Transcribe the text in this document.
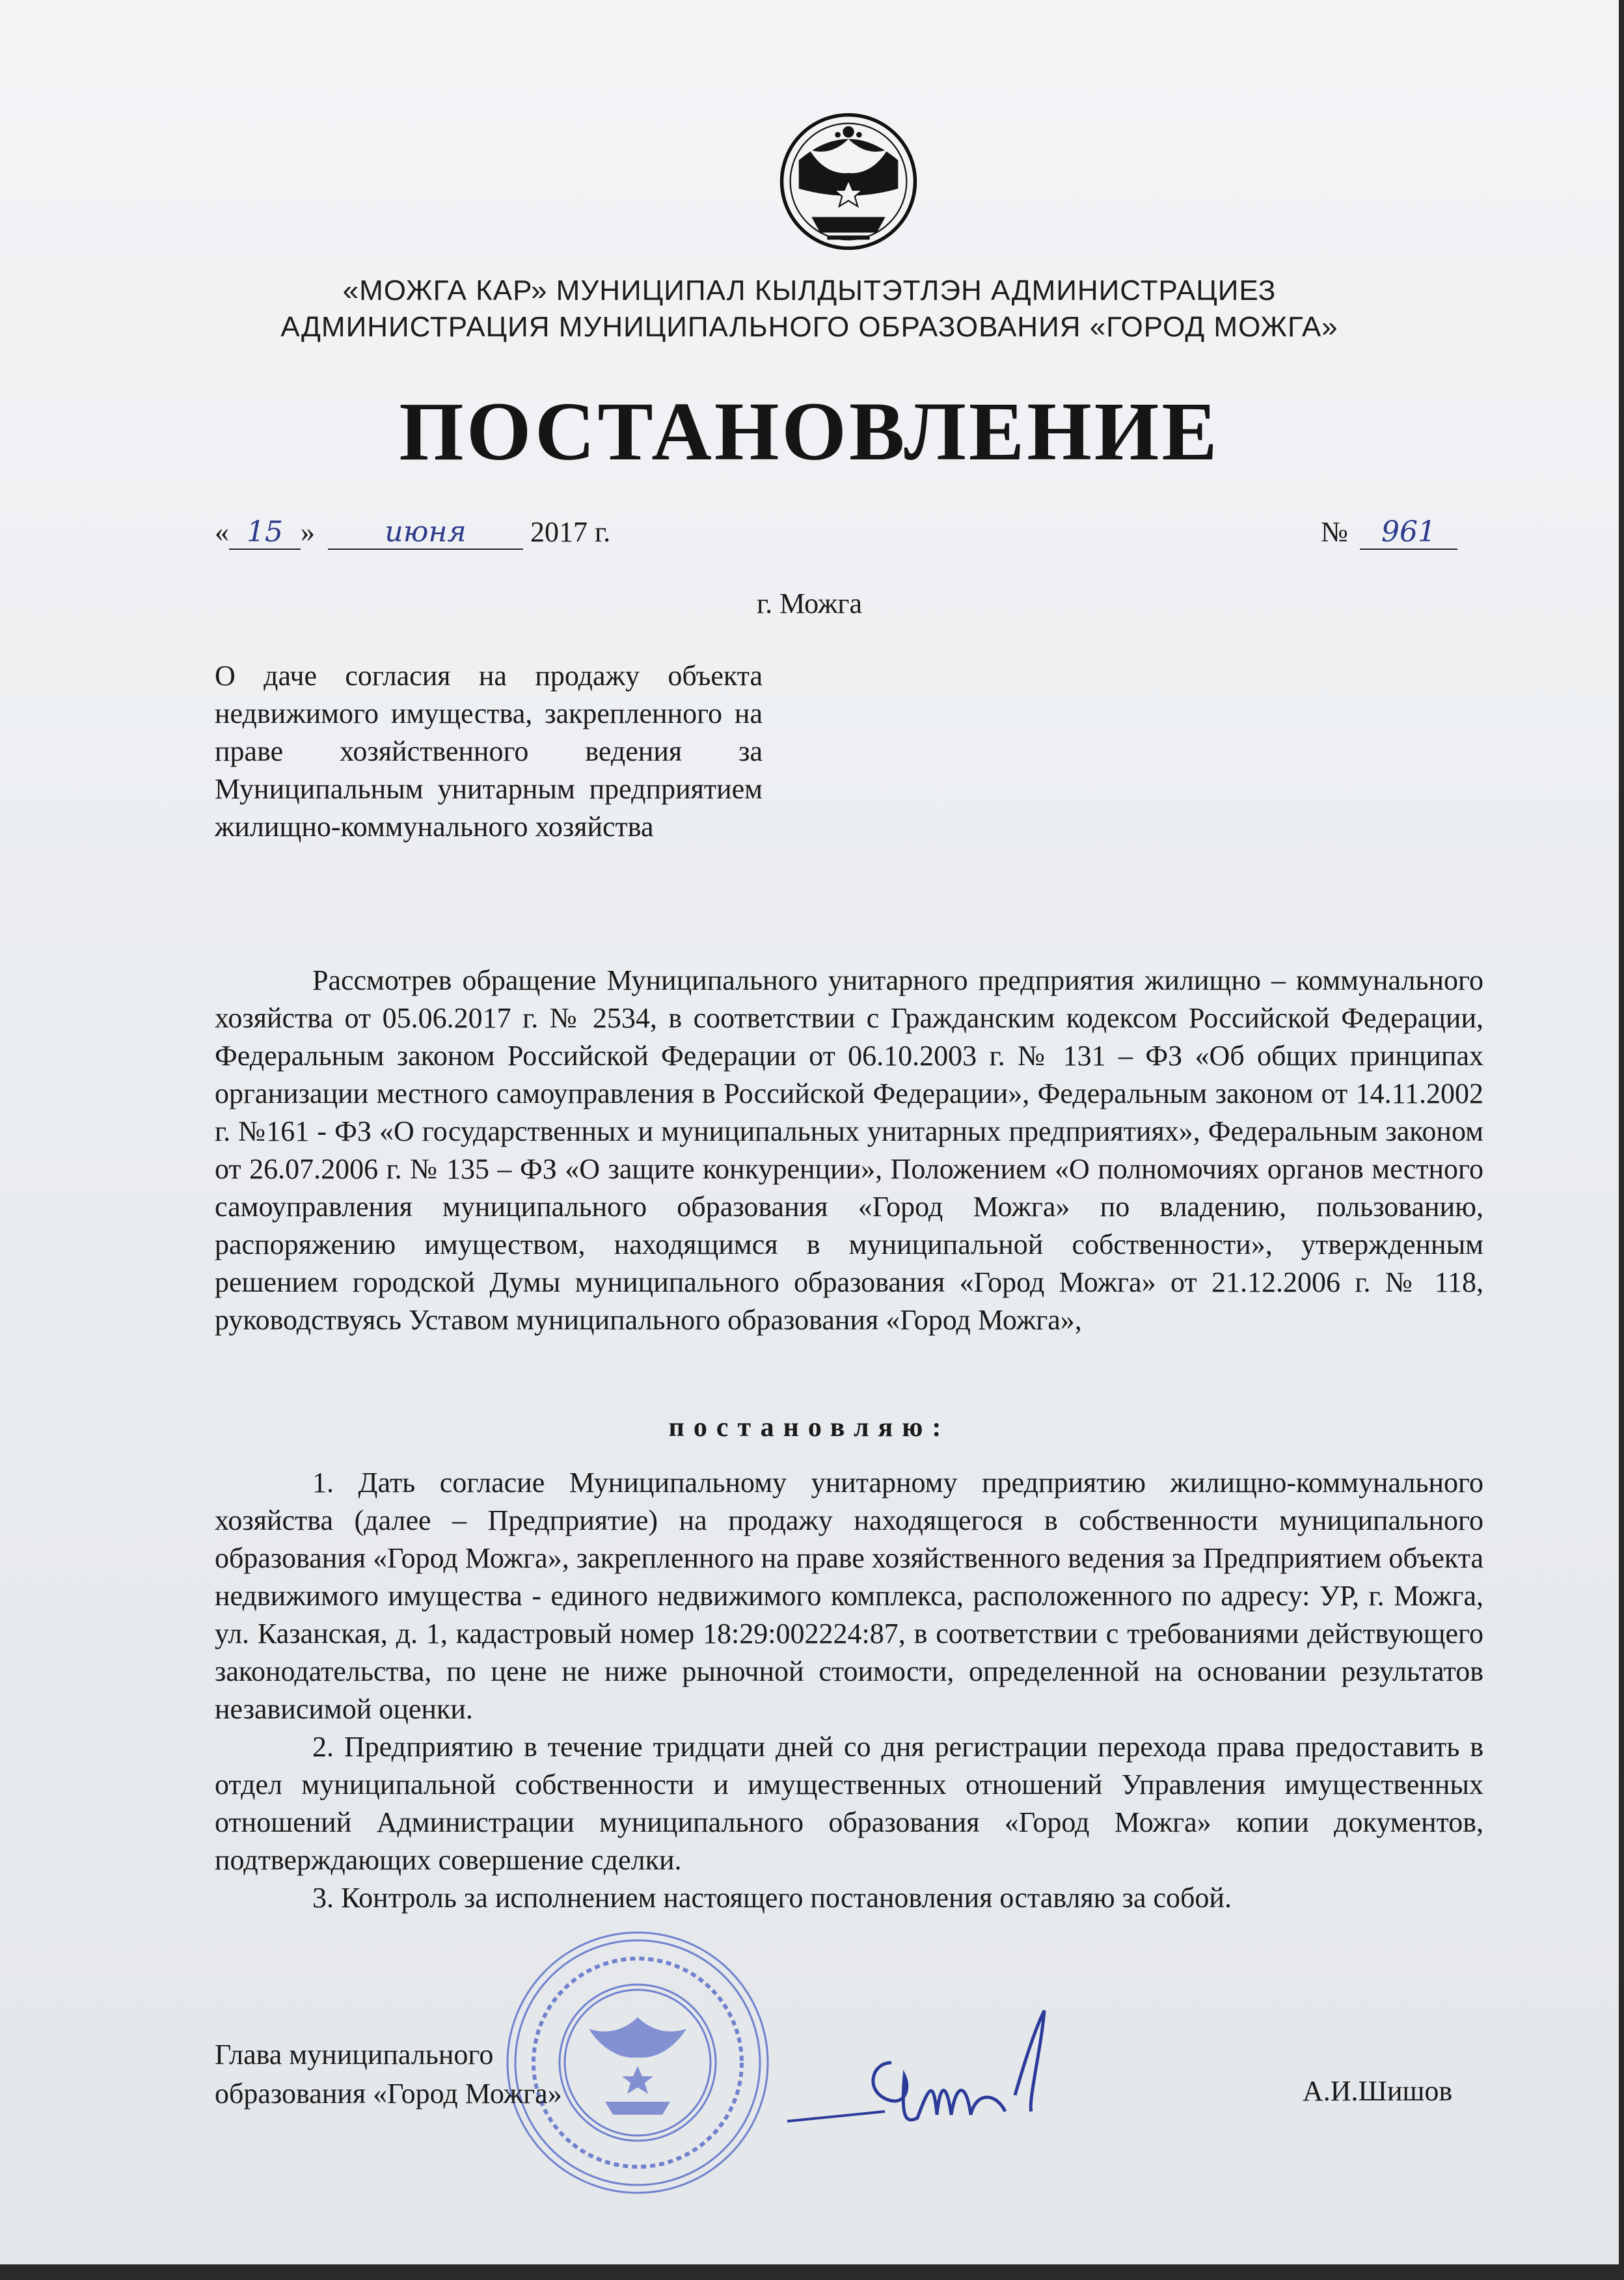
«МОЖГА КАР» МУНИЦИПАЛ КЫЛДЫТЭТЛЭН АДМИНИСТРАЦИЕЗ
АДМИНИСТРАЦИЯ МУНИЦИПАЛЬНОГО ОБРАЗОВАНИЯ «ГОРОД МОЖГА»
ПОСТАНОВЛЕНИЕ
« 15 » июня 2017 г.	№ 961
г. Можга
О даче согласия на продажу объекта недвижимого имущества, закрепленного на праве хозяйственного ведения за Муниципальным унитарным предприятием жилищно-коммунального хозяйства

Рассмотрев обращение Муниципального унитарного предприятия жилищно – коммунального хозяйства от 05.06.2017 г. № 2534, в соответствии с Гражданским кодексом Российской Федерации, Федеральным законом Российской Федерации от 06.10.2003 г. № 131 – ФЗ «Об общих принципах организации местного самоуправления в Российской Федерации», Федеральным законом от 14.11.2002 г. №161 - ФЗ «О государственных и муниципальных унитарных предприятиях», Федеральным законом от 26.07.2006 г. № 135 – ФЗ «О защите конкуренции», Положением «О полномочиях органов местного самоуправления муниципального образования «Город Можга» по владению, пользованию, распоряжению имуществом, находящимся в муниципальной собственности», утвержденным решением городской Думы муниципального образования «Город Можга» от 21.12.2006 г. № 118, руководствуясь Уставом муниципального образования «Город Можга»,

постановляю:

1. Дать согласие Муниципальному унитарному предприятию жилищно-коммунального хозяйства (далее – Предприятие) на продажу находящегося в собственности муниципального образования «Город Можга», закрепленного на праве хозяйственного ведения за Предприятием объекта недвижимого имущества - единого недвижимого комплекса, расположенного по адресу: УР, г. Можга, ул. Казанская, д. 1, кадастровый номер 18:29:002224:87, в соответствии с требованиями действующего законодательства, по цене не ниже рыночной стоимости, определенной на основании результатов независимой оценки.

2. Предприятию в течение тридцати дней со дня регистрации перехода права предоставить в отдел муниципальной собственности и имущественных отношений Управления имущественных отношений Администрации муниципального образования «Город Можга» копии документов, подтверждающих совершение сделки.

3. Контроль за исполнением настоящего постановления оставляю за собой.

Глава муниципального
образования «Город Можга»	А.И.Шишов
